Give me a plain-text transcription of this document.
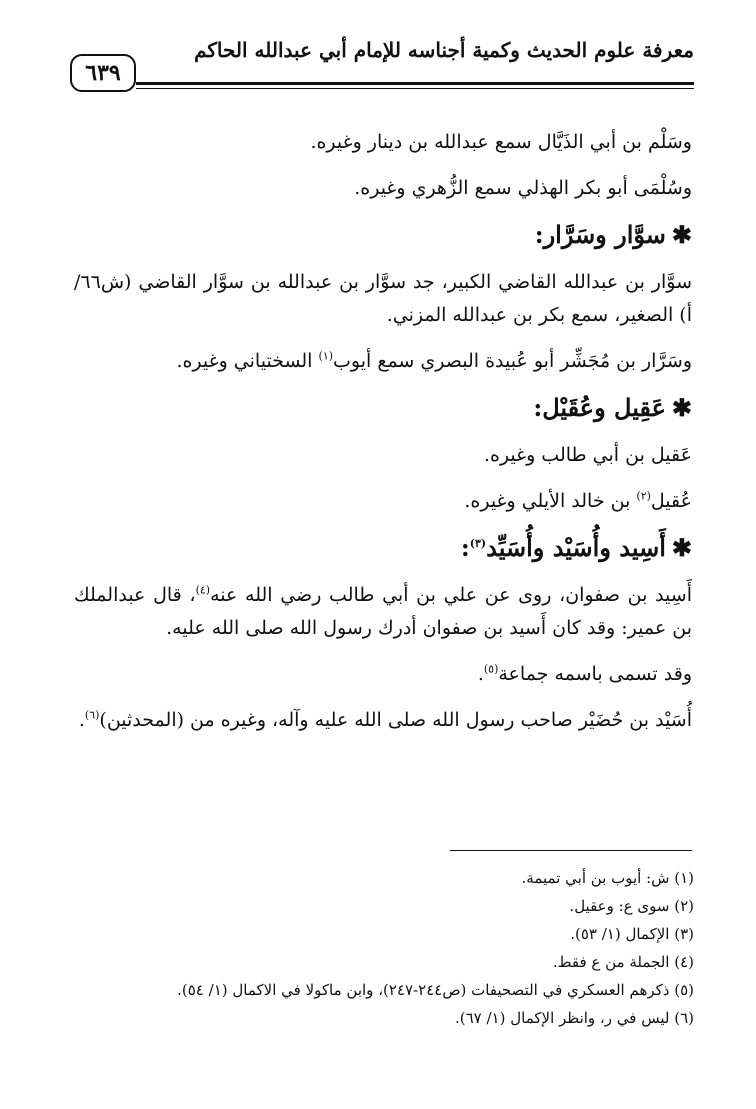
معرفة علوم الحديث وكمية أجناسه للإمام أبي عبدالله الحاكم
٦٣٩

وسَلْم بن أبي الذَيَّال سمع عبدالله بن دينار وغيره.

وسُلْمَى أبو بكر الهذلي سمع الزُّهري وغيره.

✱سوَّار وسَرَّار:

سوَّار بن عبدالله القاضي الكبير، جد سوَّار بن عبدالله بن سوَّار القاضي (ش٦٦/ أ) الصغير، سمع بكر بن عبدالله المزني.

وسَرَّار بن مُجَشِّر أبو عُبيدة البصري سمع أيوب$^{(١)}$ السختياني وغيره.

✱عَقِيل وعُقَيْل:

عَقيل بن أبي طالب وغيره.

عُقيل$^{(٢)}$ بن خالد الأيلي وغيره.

✱أَسِيد وأُسَيْد وأُسَيِّد$^{(٣)}$:

أَسِيد بن صفوان، روى عن علي بن أبي طالب رضي الله عنه$^{(٤)}$، قال عبدالملك بن عمير: وقد كان أَسيد بن صفوان أدرك رسول الله صلى الله عليه.

وقد تسمى باسمه جماعة$^{(٥)}$.

أُسَيْد بن حُضَيْر صاحب رسول الله صلى الله عليه وآله، وغيره من (المحدثين)$^{(٦)}$.

(١) ش: أيوب بن أبي تميمة.
(٢) سوى ع: وعقيل.
(٣) الإكمال (١/ ٥٣).
(٤) الجملة من ع فقط.
(٥) ذكرهم العسكري في التصحيفات (ص٢٤٤-٢٤٧)، وابن ماكولا في الاكمال (١/ ٥٤).
(٦) ليس في ر، وانظر الإكمال (١/ ٦٧).
